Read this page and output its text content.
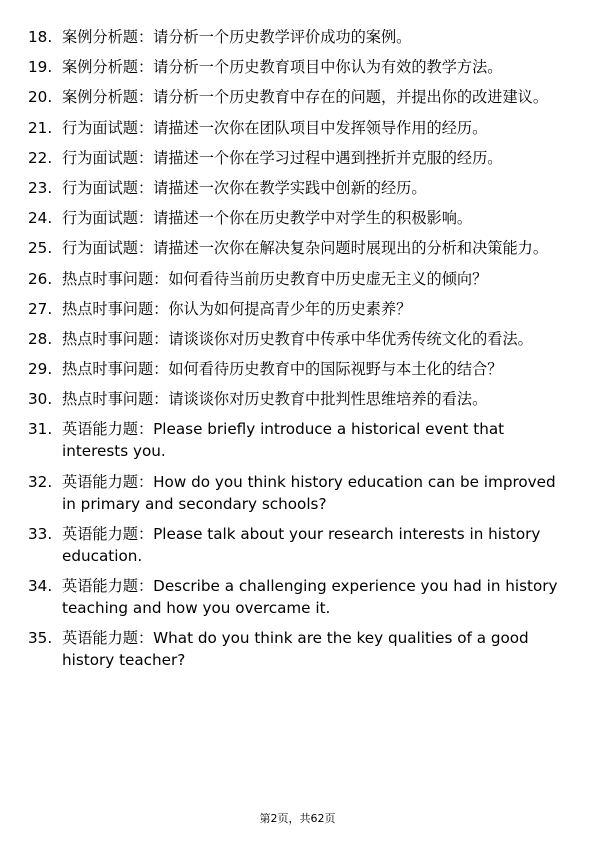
18. 案例分析题：请分析一个历史教学评价成功的案例。
19. 案例分析题：请分析一个历史教育项目中你认为有效的教学方法。
20. 案例分析题：请分析一个历史教育中存在的问题，并提出你的改进建议。
21. 行为面试题：请描述一次你在团队项目中发挥领导作用的经历。
22. 行为面试题：请描述一个你在学习过程中遇到挫折并克服的经历。
23. 行为面试题：请描述一次你在教学实践中创新的经历。
24. 行为面试题：请描述一个你在历史教学中对学生的积极影响。
25. 行为面试题：请描述一次你在解决复杂问题时展现出的分析和决策能力。
26. 热点时事问题：如何看待当前历史教育中历史虚无主义的倾向？
27. 热点时事问题：你认为如何提高青少年的历史素养？
28. 热点时事问题：请谈谈你对历史教育中传承中华优秀传统文化的看法。
29. 热点时事问题：如何看待历史教育中的国际视野与本土化的结合？
30. 热点时事问题：请谈谈你对历史教育中批判性思维培养的看法。
31. 英语能力题：Please briefly introduce a historical event that interests you.
32. 英语能力题：How do you think history education can be improved in primary and secondary schools?
33. 英语能力题：Please talk about your research interests in history education.
34. 英语能力题：Describe a challenging experience you had in history teaching and how you overcame it.
35. 英语能力题：What do you think are the key qualities of a good history teacher?
第2页，共62页
